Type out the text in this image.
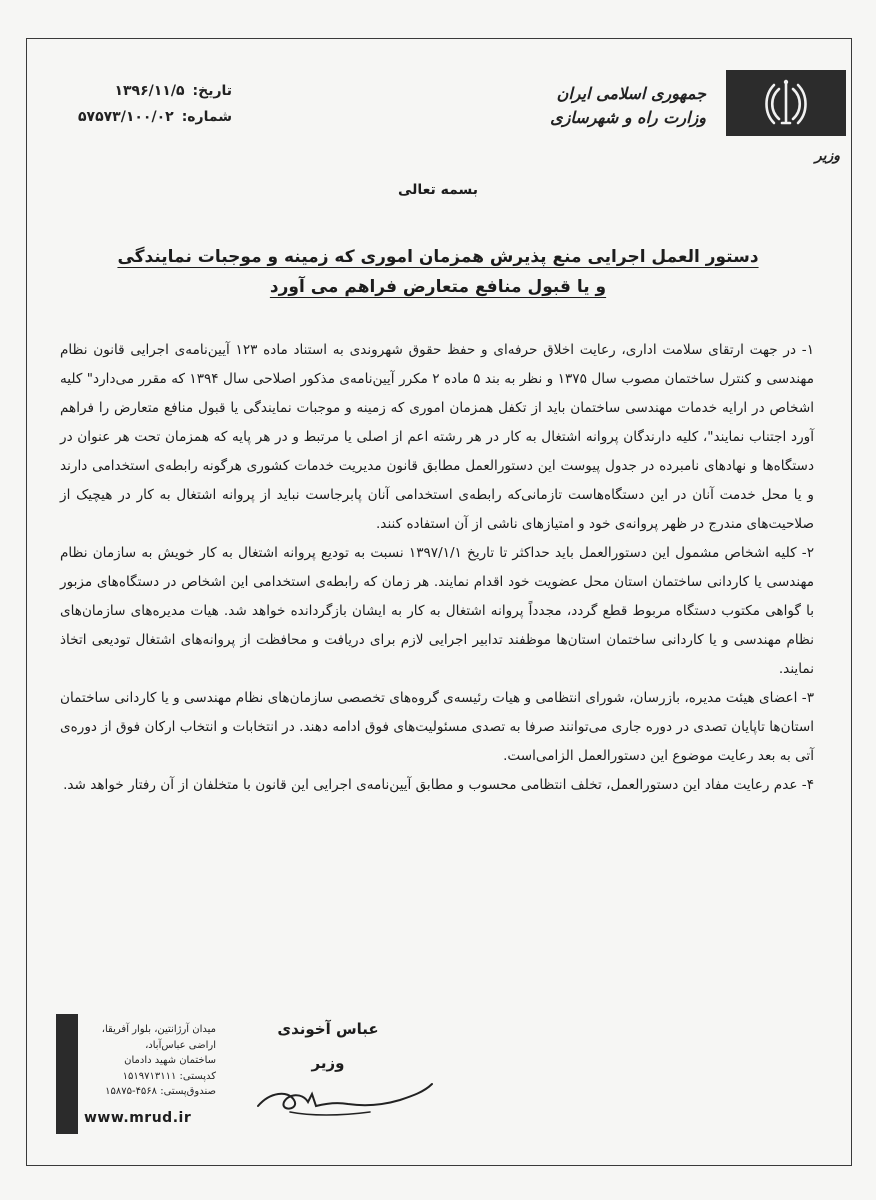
جمهوری اسلامی ایران
وزارت راه و شهرسازی
وزیر
تاریخ:
۱۳۹۶/۱۱/۵
شماره:
۵۷۵۷۳/۱۰۰/۰۲
بسمه تعالی
دستور العمل اجرایی منع پذیرش همزمان اموری که زمینه و موجبات نمایندگی
و یا قبول منافع متعارض فراهم می آورد

۱- در جهت ارتقای سلامت اداری، رعایت اخلاق حرفه‌ای و حفظ حقوق شهروندی به استناد ماده ۱۲۳ آیین‌نامه‌ی اجرایی قانون نظام مهندسی و کنترل ساختمان مصوب سال ۱۳۷۵ و نظر به بند ۵ ماده ۲ مکرر آیین‌نامه‌ی مذکور اصلاحی سال ۱۳۹۴ که مقرر می‌دارد" کلیه اشخاص در ارایه خدمات مهندسی ساختمان باید از تکفل همزمان اموری که زمینه و موجبات نمایندگی یا قبول منافع متعارض را فراهم آورد اجتناب نمایند"، کلیه دارندگان پروانه اشتغال به کار در هر رشته اعم از اصلی یا مرتبط و در هر پایه که همزمان تحت هر عنوان در دستگاه‌ها و نهادهای نامبرده در جدول پیوست این دستورالعمل مطابق قانون مدیریت خدمات کشوری هرگونه رابطه‌ی استخدامی دارند و یا محل خدمت آنان در این دستگاه‌هاست تازمانی‌که رابطه‌ی استخدامی آنان پابرجاست نباید از پروانه اشتغال به کار در هیچیک از صلاحیت‌های مندرج در ظهر پروانه‌ی خود و امتیازهای ناشی از آن استفاده کنند.

۲- کلیه اشخاص مشمول این دستورالعمل باید حداکثر تا تاریخ ۱۳۹۷/۱/۱ نسبت به تودیع پروانه اشتغال به کار خویش به سازمان نظام مهندسی یا کاردانی ساختمان استان محل عضویت خود اقدام نمایند. هر زمان که رابطه‌ی استخدامی این اشخاص در دستگاه‌های مزبور با گواهی مکتوب دستگاه مربوط قطع گردد، مجدداً پروانه اشتغال به کار به ایشان بازگردانده خواهد شد. هیات مدیره‌های سازمان‌های نظام مهندسی و یا کاردانی ساختمان استان‌ها موظفند تدابیر اجرایی لازم برای دریافت و محافظت از پروانه‌های اشتغال تودیعی اتخاذ نمایند.

۳- اعضای هیئت مدیره، بازرسان، شورای انتظامی و هیات رئیسه‌ی گروه‌های تخصصی سازمان‌های نظام مهندسی و یا کاردانی ساختمان استان‌ها تاپایان تصدی در دوره جاری می‌توانند صرفا به تصدی مسئولیت‌های فوق ادامه دهند. در انتخابات و انتخاب ارکان فوق از دوره‌ی آتی به بعد رعایت موضوع این دستورالعمل الزامی‌است.

۴- عدم رعایت مفاد این دستورالعمل، تخلف انتظامی محسوب و مطابق آیین‌نامه‌ی اجرایی این قانون با متخلفان از آن رفتار خواهد شد.

عباس آخوندی
وزیر
میدان آرژانتین، بلوار آفریقا،
اراضی عباس‌آباد،
ساختمان شهید دادمان
کدپستی: ۱۵۱۹۷۱۳۱۱۱
صندوق‌پستی: ۴۵۶۸-۱۵۸۷۵
www.mrud.ir
